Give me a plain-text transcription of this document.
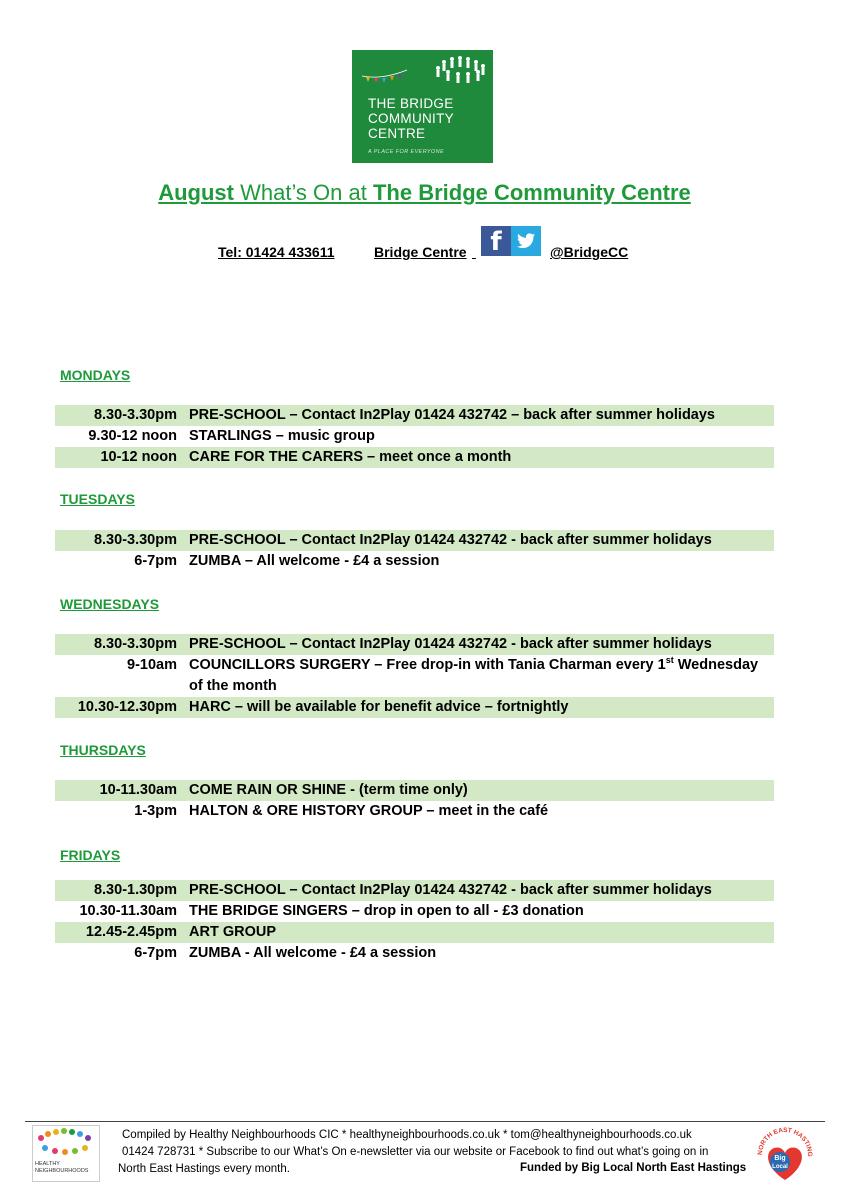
THE BRIDGE
COMMUNITY
CENTRE
A PLACE FOR EVERYONE
August What’s On at The Bridge Community Centre
Tel: 01424 433611	Bridge Centre
f	@BridgeCC
MONDAYS
8.30-3.30pm PRE-SCHOOL – Contact In2Play 01424 432742 – back after summer holidays
9.30-12 noon STARLINGS – music group
10-12 noon CARE FOR THE CARERS – meet once a month
TUESDAYS
8.30-3.30pm PRE-SCHOOL – Contact In2Play 01424 432742 - back after summer holidays
6-7pm ZUMBA – All welcome - £4 a session
WEDNESDAYS
8.30-3.30pm PRE-SCHOOL – Contact In2Play 01424 432742 - back after summer holidays
9-10am COUNCILLORS SURGERY – Free drop-in with Tania Charman every 1st Wednesday
of the month
10.30-12.30pm HARC – will be available for benefit advice – fortnightly
THURSDAYS
10-11.30am COME RAIN OR SHINE - (term time only)
1-3pm HALTON & ORE HISTORY GROUP – meet in the café
FRIDAYS
8.30-1.30pm PRE-SCHOOL – Contact In2Play 01424 432742 - back after summer holidays
10.30-11.30am THE BRIDGE SINGERS – drop in open to all - £3 donation
12.45-2.45pm ART GROUP
6-7pm ZUMBA - All welcome - £4 a session
HEALTHY
NEIGHBOURHOODS
Compiled by Healthy Neighbourhoods CIC * healthyneighbourhoods.co.uk * tom@healthyneighbourhoods.co.uk
01424 728731 * Subscribe to our What’s On e-newsletter via our website or Facebook to find out what’s going on in
North East Hastings every month.	Funded by Big Local North East Hastings
NORTH EAST HASTING
Big
Local
